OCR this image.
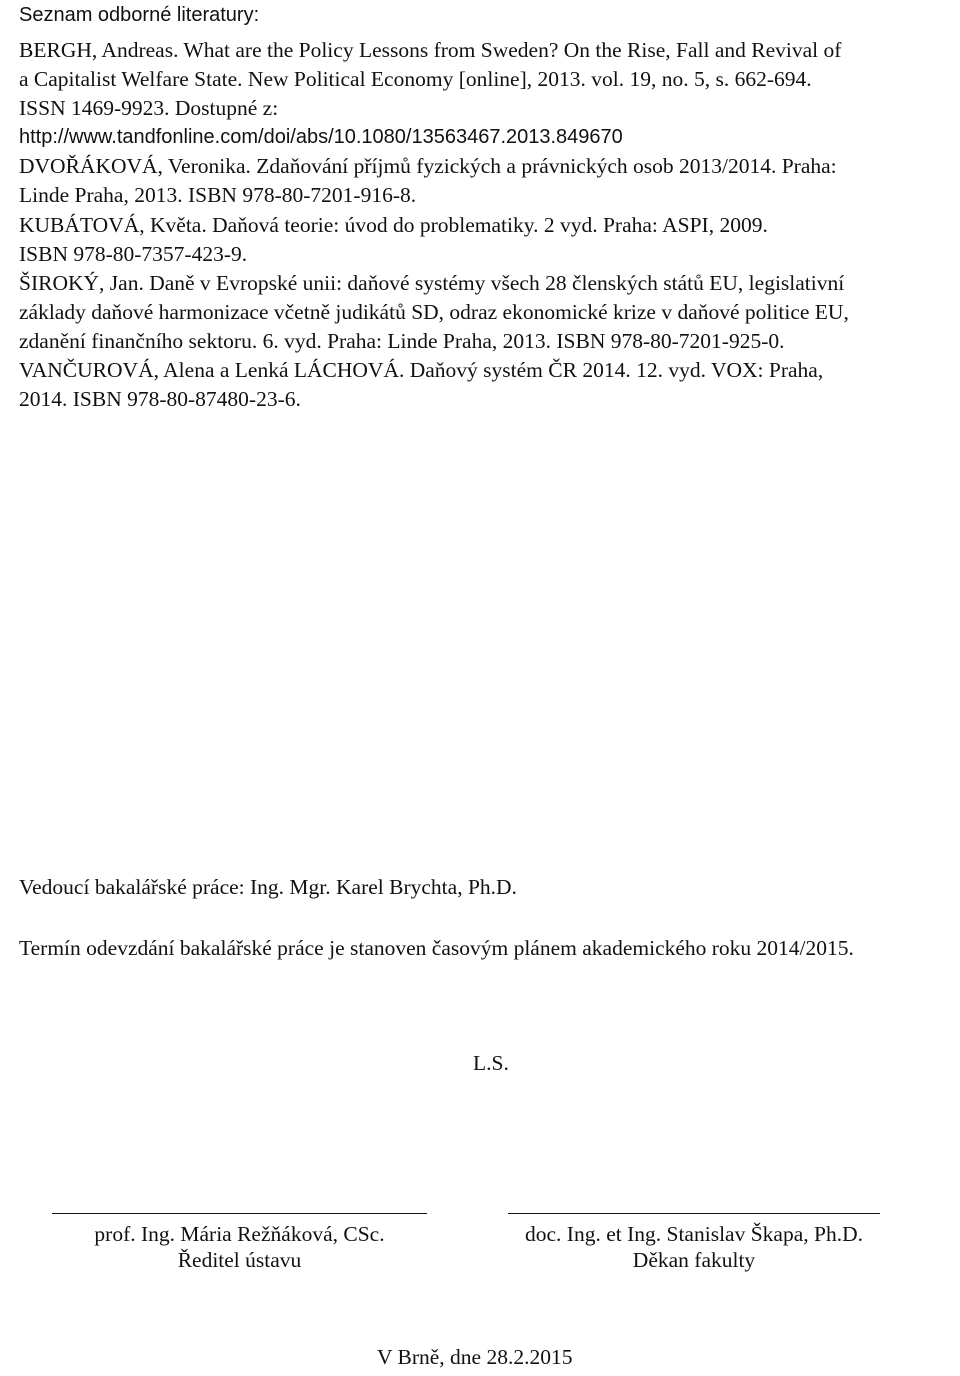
Seznam odborné literatury:
BERGH, Andreas. What are the Policy Lessons from Sweden? On the Rise, Fall and Revival of
a Capitalist Welfare State. New Political Economy [online], 2013. vol. 19, no. 5, s. 662-694.
ISSN 1469-9923. Dostupné z:
http://www.tandfonline.com/doi/abs/10.1080/13563467.2013.849670
DVOŘÁKOVÁ, Veronika. Zdaňování příjmů fyzických a právnických osob 2013/2014. Praha:
Linde Praha, 2013. ISBN 978-80-7201-916-8.
KUBÁTOVÁ, Květa. Daňová teorie: úvod do problematiky. 2 vyd. Praha: ASPI, 2009.
ISBN 978-80-7357-423-9.
ŠIROKÝ, Jan. Daně v Evropské unii: daňové systémy všech 28 členských států EU, legislativní
základy daňové harmonizace včetně judikátů SD, odraz ekonomické krize v daňové politice EU,
zdanění finančního sektoru. 6. vyd. Praha: Linde Praha, 2013. ISBN 978-80-7201-925-0.
VANČUROVÁ, Alena a Lenká LÁCHOVÁ. Daňový systém ČR 2014. 12. vyd. VOX: Praha,
2014. ISBN 978-80-87480-23-6.
Vedoucí bakalářské práce: Ing. Mgr. Karel Brychta, Ph.D.
Termín odevzdání bakalářské práce je stanoven časovým plánem akademického roku 2014/2015.
L.S.
prof. Ing. Mária Režňáková, CSc.
Ředitel ústavu
doc. Ing. et Ing. Stanislav Škapa, Ph.D.
Děkan fakulty
V Brně, dne 28.2.2015
